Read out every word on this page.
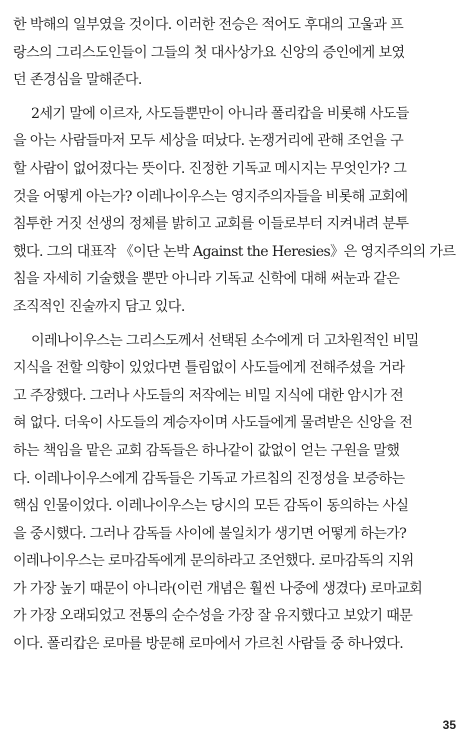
한 박해의 일부였을 것이다. 이러한 전승은 적어도 후대의 고울과 프
랑스의 그리스도인들이 그들의 첫 대사상가요 신앙의 증인에게 보였
던 존경심을 말해준다.
2세기 말에 이르자, 사도들뿐만이 아니라 폴리캅을 비롯해 사도들
을 아는 사람들마저 모두 세상을 떠났다. 논쟁거리에 관해 조언을 구
할 사람이 없어졌다는 뜻이다. 진정한 기독교 메시지는 무엇인가? 그
것을 어떻게 아는가? 이레나이우스는 영지주의자들을 비롯해 교회에
침투한 거짓 선생의 정체를 밝히고 교회를 이들로부터 지켜내려 분투
했다. 그의 대표작 《이단 논박 Against the Heresies》은 영지주의의 가르
침을 자세히 기술했을 뿐만 아니라 기독교 신학에 대해 써눈과 같은
조직적인 진술까지 담고 있다.
이레나이우스는 그리스도께서 선택된 소수에게 더 고차원적인 비밀
지식을 전할 의향이 있었다면 틀림없이 사도들에게 전해주셨을 거라
고 주장했다. 그러나 사도들의 저작에는 비밀 지식에 대한 암시가 전
혀 없다. 더욱이 사도들의 계승자이며 사도들에게 물려받은 신앙을 전
하는 책임을 맡은 교회 감독들은 하나같이 값없이 얻는 구원을 말했
다. 이레나이우스에게 감독들은 기독교 가르침의 진정성을 보증하는
핵심 인물이었다. 이레나이우스는 당시의 모든 감독이 동의하는 사실
을 중시했다. 그러나 감독들 사이에 불일치가 생기면 어떻게 하는가?
이레나이우스는 로마감독에게 문의하라고 조언했다. 로마감독의 지위
가 가장 높기 때문이 아니라(이런 개념은 훨씬 나중에 생겼다) 로마교회
가 가장 오래되었고 전통의 순수성을 가장 잘 유지했다고 보았기 때문
이다. 폴리캅은 로마를 방문해 로마에서 가르친 사람들 중 하나였다.
35
